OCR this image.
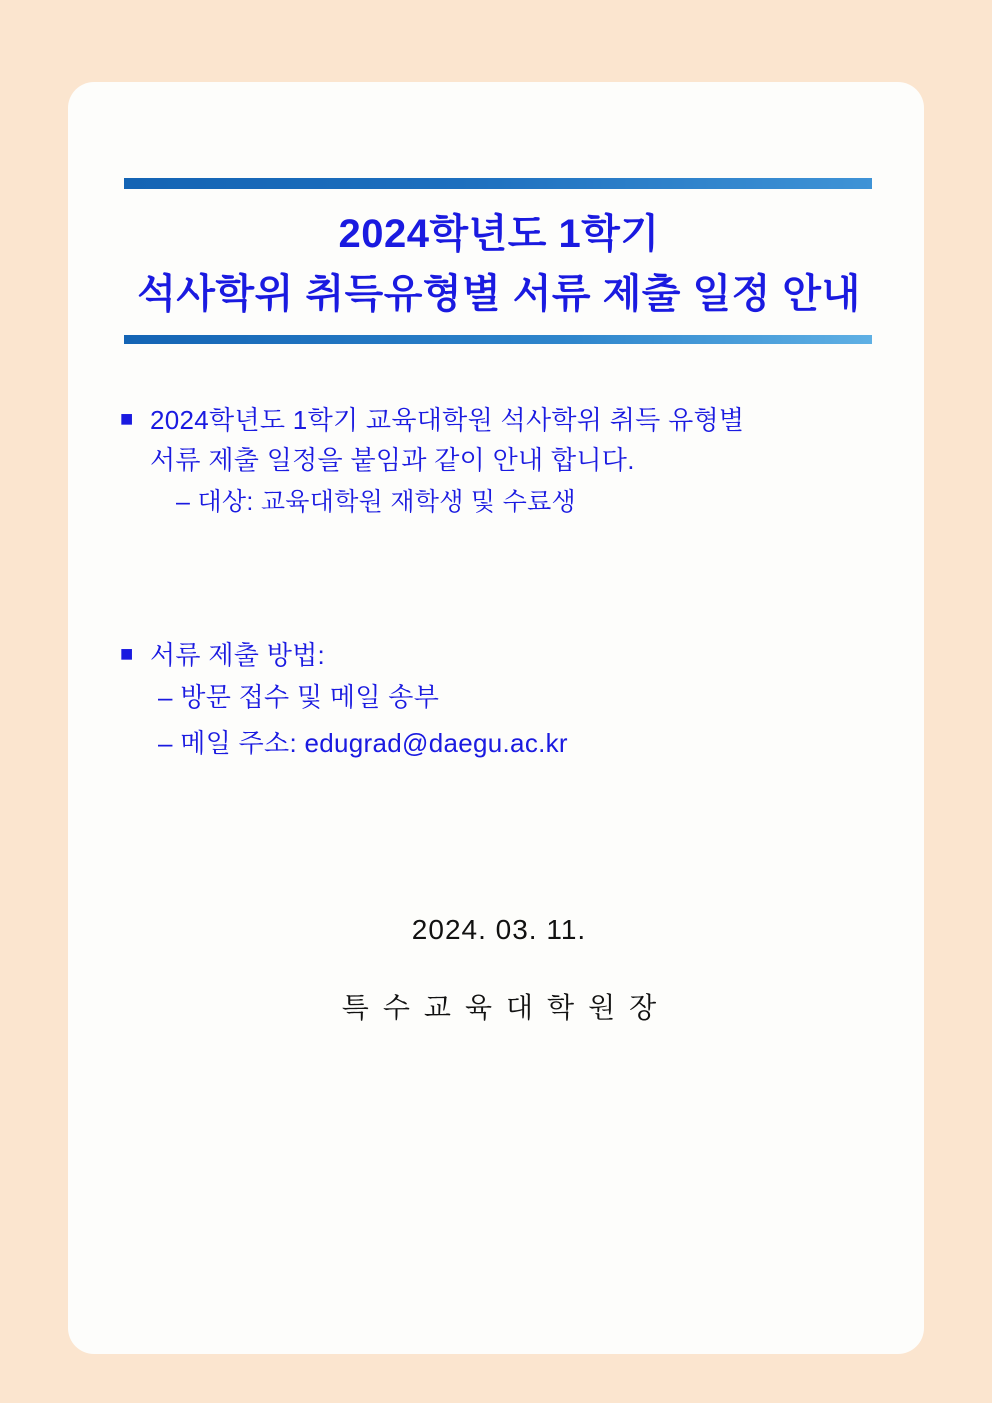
2024학년도 1학기
석사학위 취득유형별 서류 제출 일정 안내
■ 2024학년도 1학기 교육대학원 석사학위 취득 유형별
서류 제출 일정을 붙임과 같이 안내 합니다.
– 대상: 교육대학원 재학생 및 수료생
■ 서류 제출 방법:
– 방문 접수 및 메일 송부
– 메일 주소: edugrad@daegu.ac.kr
2024. 03. 11.
특수교육대학원장
